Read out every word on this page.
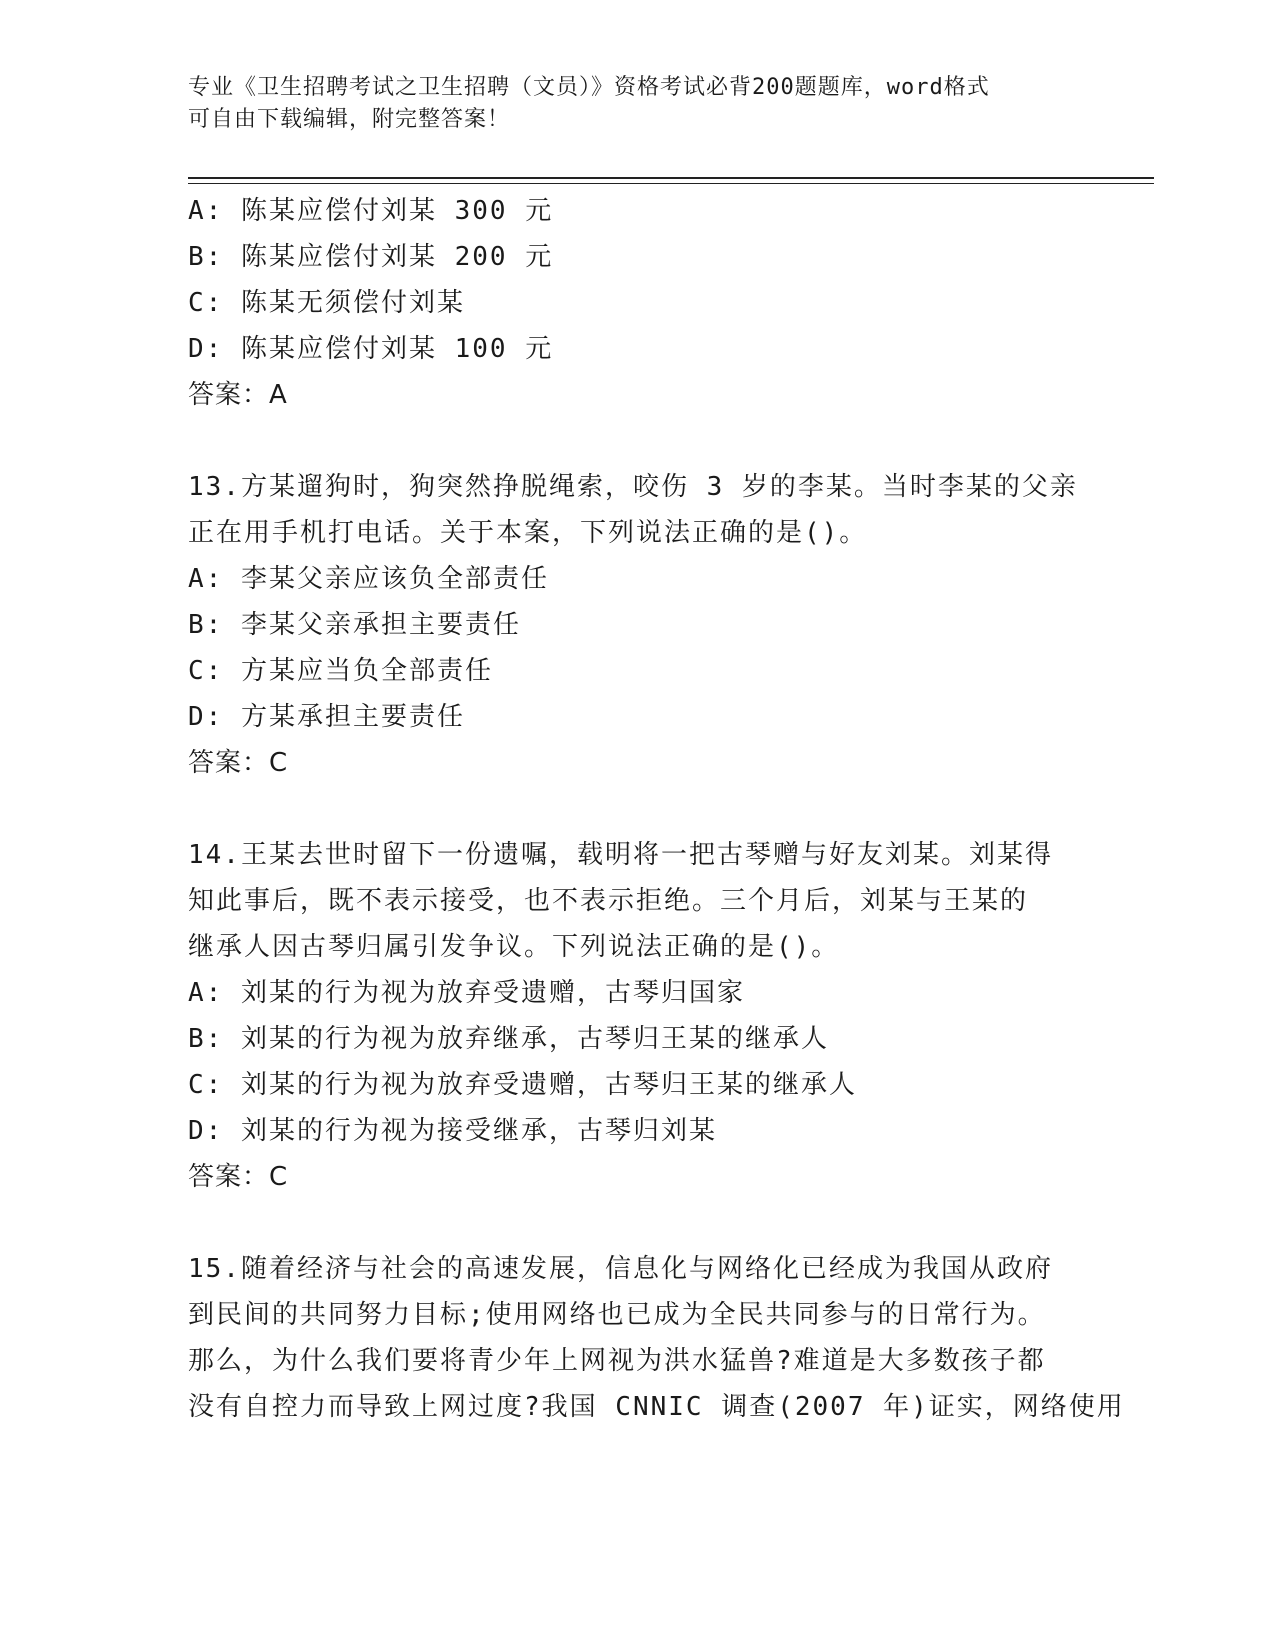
专业《卫生招聘考试之卫生招聘（文员）》资格考试必背200题题库，word格式
可自由下载编辑，附完整答案！
A: 陈某应偿付刘某 300 元
B: 陈某应偿付刘某 200 元
C: 陈某无须偿付刘某
D: 陈某应偿付刘某 100 元
答案：A
13.方某遛狗时，狗突然挣脱绳索，咬伤 3 岁的李某。当时李某的父亲
正在用手机打电话。关于本案，下列说法正确的是()。
A: 李某父亲应该负全部责任
B: 李某父亲承担主要责任
C: 方某应当负全部责任
D: 方某承担主要责任
答案：C
14.王某去世时留下一份遗嘱，载明将一把古琴赠与好友刘某。刘某得
知此事后，既不表示接受，也不表示拒绝。三个月后，刘某与王某的
继承人因古琴归属引发争议。下列说法正确的是()。
A: 刘某的行为视为放弃受遗赠，古琴归国家
B: 刘某的行为视为放弃继承，古琴归王某的继承人
C: 刘某的行为视为放弃受遗赠，古琴归王某的继承人
D: 刘某的行为视为接受继承，古琴归刘某
答案：C
15.随着经济与社会的高速发展，信息化与网络化已经成为我国从政府
到民间的共同努力目标;使用网络也已成为全民共同参与的日常行为。
那么，为什么我们要将青少年上网视为洪水猛兽?难道是大多数孩子都
没有自控力而导致上网过度?我国 CNNIC 调查(2007 年)证实，网络使用
